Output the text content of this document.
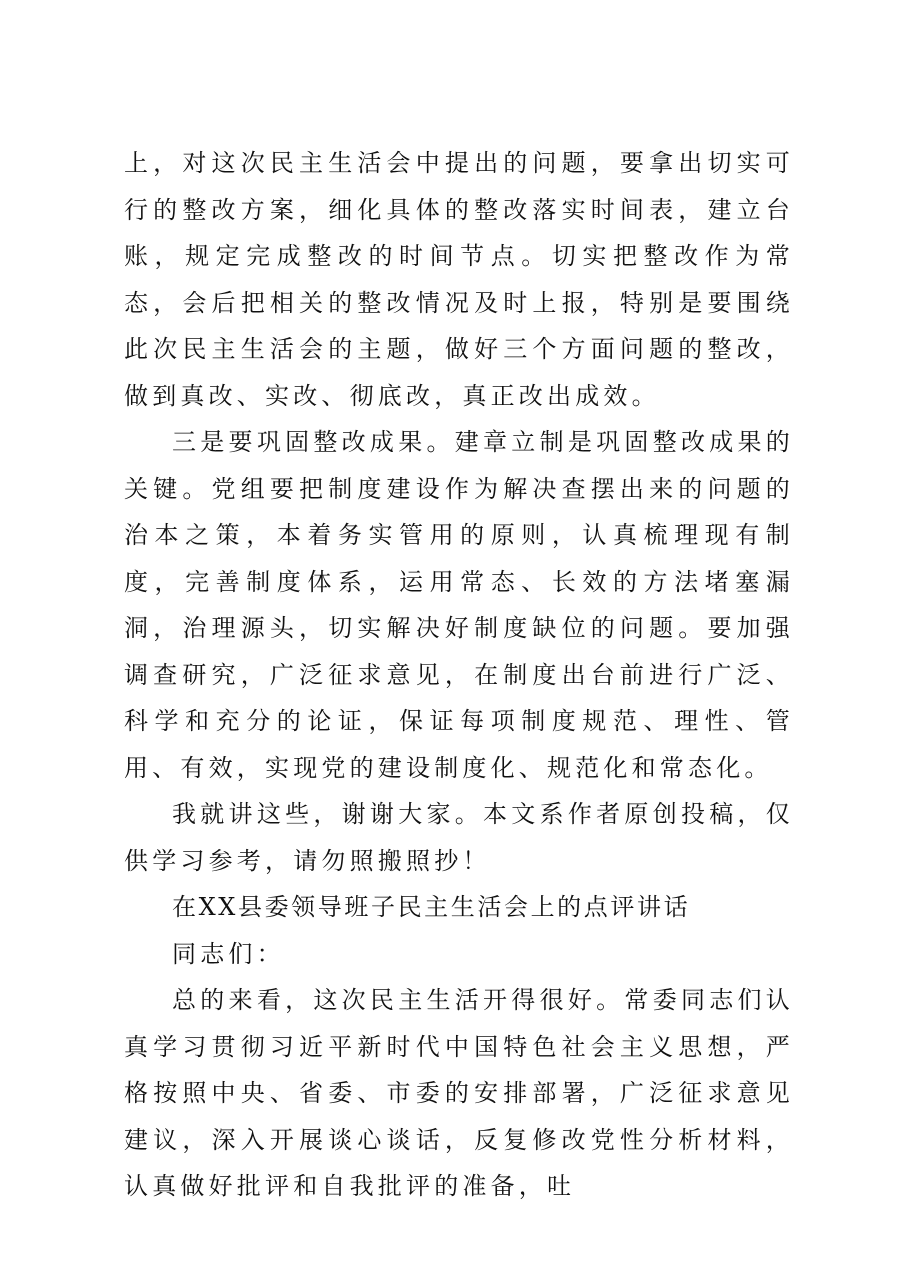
上，对这次民主生活会中提出的问题，要拿出切实可行的整改方案，细化具体的整改落实时间表，建立台账，规定完成整改的时间节点。切实把整改作为常态，会后把相关的整改情况及时上报，特别是要围绕此次民主生活会的主题，做好三个方面问题的整改，做到真改、实改、彻底改，真正改出成效。

三是要巩固整改成果。建章立制是巩固整改成果的关键。党组要把制度建设作为解决查摆出来的问题的治本之策，本着务实管用的原则，认真梳理现有制度，完善制度体系，运用常态、长效的方法堵塞漏洞，治理源头，切实解决好制度缺位的问题。要加强调查研究，广泛征求意见，在制度出台前进行广泛、科学和充分的论证，保证每项制度规范、理性、管用、有效，实现党的建设制度化、规范化和常态化。

我就讲这些，谢谢大家。本文系作者原创投稿，仅供学习参考，请勿照搬照抄！

在XX县委领导班子民主生活会上的点评讲话

同志们：

总的来看，这次民主生活开得很好。常委同志们认真学习贯彻习近平新时代中国特色社会主义思想，严格按照中央、省委、市委的安排部署，广泛征求意见建议，深入开展谈心谈话，反复修改党性分析材料，认真做好批评和自我批评的准备，吐
